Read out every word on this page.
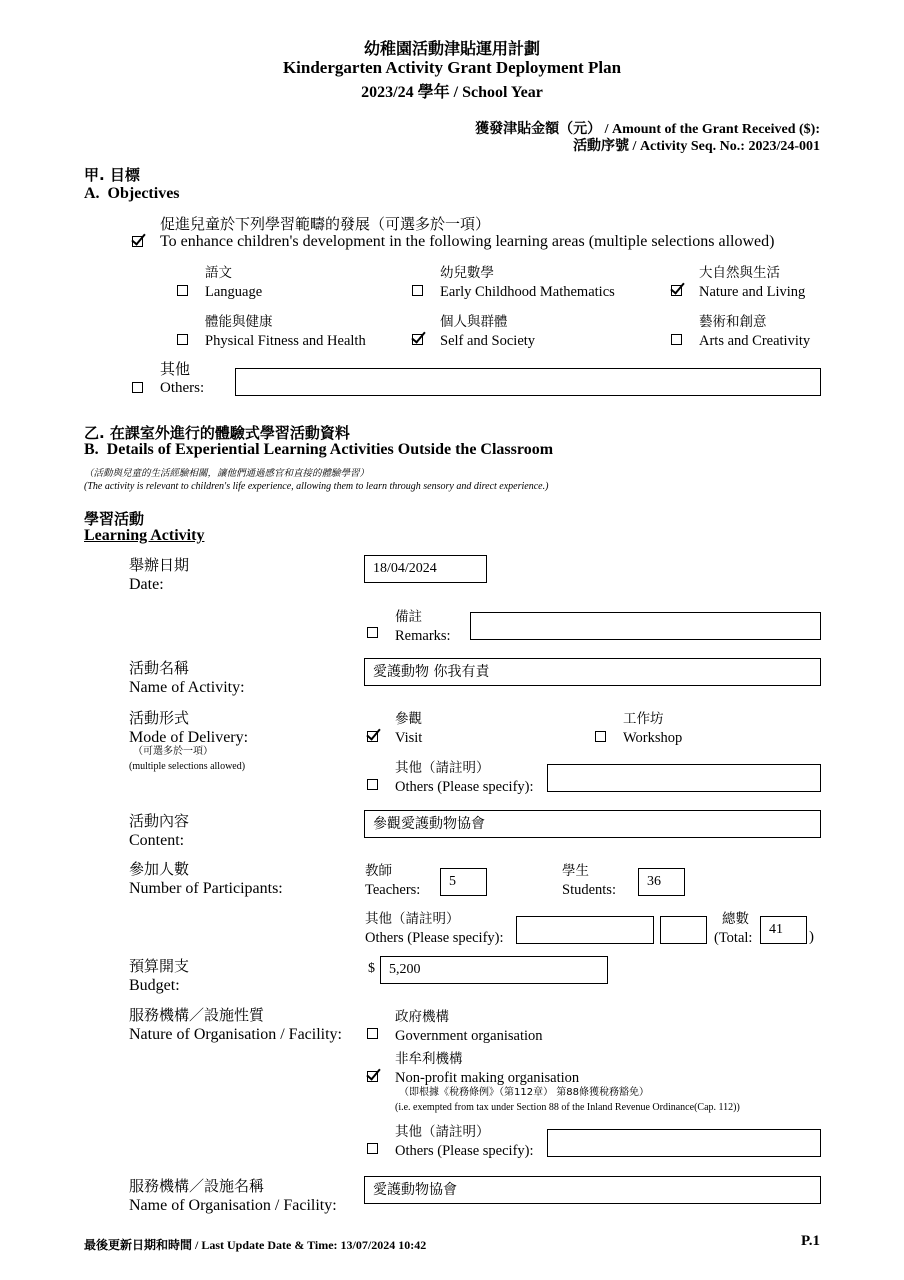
幼稚園活動津貼運用計劃
Kindergarten Activity Grant Deployment Plan
2023/24 學年 / School Year
獲發津貼金額（元） / Amount of the Grant Received ($):
活動序號 / Activity Seq. No.: 2023/24-001
甲. 目標
A.  Objectives
促進兒童於下列學習範疇的發展（可選多於一項）
To enhance children's development in the following learning areas (multiple selections allowed)
語文
Language
幼兒數學
Early Childhood Mathematics
大自然與生活
Nature and Living
體能與健康
Physical Fitness and Health
個人與群體
Self and Society
藝術和創意
Arts and Creativity
其他
Others:
乙. 在課室外進行的體驗式學習活動資料
B.  Details of Experiential Learning Activities Outside the Classroom
（活動與兒童的生活經驗相關，讓他們通過感官和直接的體驗學習）
(The activity is relevant to children's life experience, allowing them to learn through sensory and direct experience.)
學習活動
Learning Activity
舉辦日期
Date:
18/04/2024
備註
Remarks:
活動名稱
Name of Activity:
愛護動物 你我有責
活動形式
Mode of Delivery:
（可選多於一項）
(multiple selections allowed)
參觀
Visit
工作坊
Workshop
其他（請註明）
Others (Please specify):
活動內容
Content:
參觀愛護動物協會
參加人數
Number of Participants:
教師
Teachers:
5
學生
Students:
36
其他（請註明）
Others (Please specify):
總數
(Total:
41	)
預算開支
Budget:
$	5,200
服務機構／設施性質
Nature of Organisation / Facility:
政府機構
Government organisation
非牟利機構
Non-profit making organisation
（即根據《稅務條例》（第112章） 第88條獲稅務豁免）
(i.e. exempted from tax under Section 88 of the Inland Revenue Ordinance(Cap. 112))
其他（請註明）
Others (Please specify):
服務機構／設施名稱
Name of Organisation / Facility:
愛護動物協會
最後更新日期和時間 / Last Update Date & Time: 13/07/2024 10:42	P.1
